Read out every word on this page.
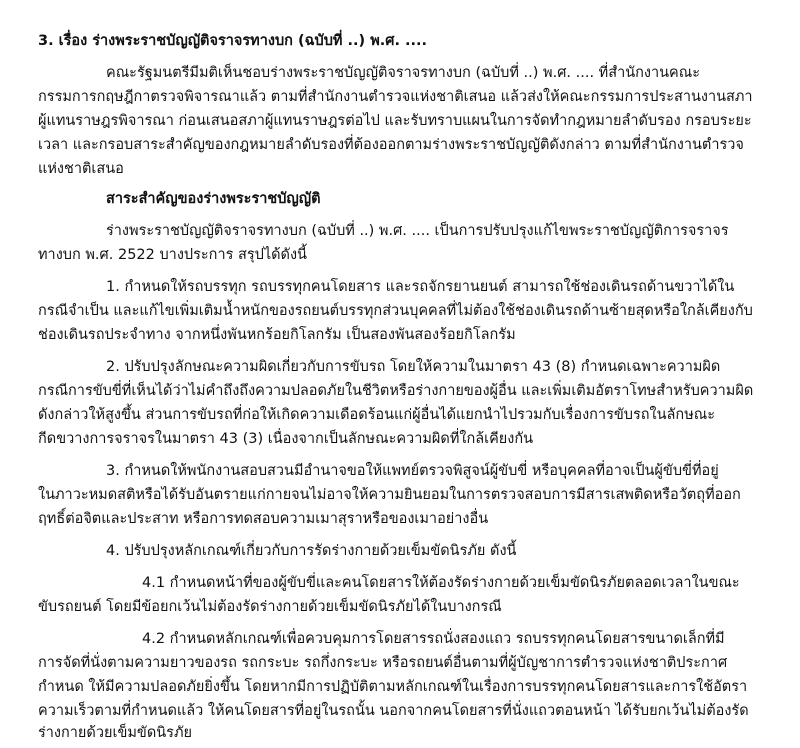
3. เรื่อง ร่างพระราชบัญญัติจราจรทางบก (ฉบับที่ ..) พ.ศ. ....
คณะรัฐมนตรีมีมติเห็นชอบร่างพระราชบัญญัติจราจรทางบก (ฉบับที่ ..) พ.ศ. .... ที่สำนักงานคณะ
กรรมการกฤษฎีกาตรวจพิจารณาแล้ว ตามที่สำนักงานตำรวจแห่งชาติเสนอ แล้วส่งให้คณะกรรมการประสานงานสภา
ผู้แทนราษฎรพิจารณา ก่อนเสนอสภาผู้แทนราษฎรต่อไป และรับทราบแผนในการจัดทำกฎหมายลำดับรอง กรอบระยะ
เวลา และกรอบสาระสำคัญของกฎหมายลำดับรองที่ต้องออกตามร่างพระราชบัญญัติดังกล่าว ตามที่สำนักงานตำรวจ
แห่งชาติเสนอ
สาระสำคัญของร่างพระราชบัญญัติ
ร่างพระราชบัญญัติจราจรทางบก (ฉบับที่ ..) พ.ศ. .... เป็นการปรับปรุงแก้ไขพระราชบัญญัติการจราจร
ทางบก พ.ศ. 2522 บางประการ สรุปได้ดังนี้
1. กำหนดให้รถบรรทุก รถบรรทุกคนโดยสาร และรถจักรยานยนต์ สามารถใช้ช่องเดินรถด้านขวาได้ใน
กรณีจำเป็น และแก้ไขเพิ่มเติมน้ำหนักของรถยนต์บรรทุกส่วนบุคคลที่ไม่ต้องใช้ช่องเดินรถด้านซ้ายสุดหรือใกล้เคียงกับ
ช่องเดินรถประจำทาง จากหนึ่งพันหกร้อยกิโลกรัม เป็นสองพันสองร้อยกิโลกรัม
2. ปรับปรุงลักษณะความผิดเกี่ยวกับการขับรถ โดยให้ความในมาตรา 43 (8) กำหนดเฉพาะความผิด
กรณีการขับขี่ที่เห็นได้ว่าไม่คำถึงถึงความปลอดภัยในชีวิตหรือร่างกายของผู้อื่น และเพิ่มเติมอัตราโทษสำหรับความผิด
ดังกล่าวให้สูงขึ้น ส่วนการขับรถที่ก่อให้เกิดความเดือดร้อนแก่ผู้อื่นได้แยกนำไปรวมกับเรื่องการขับรถในลักษณะ
กีดขวางการจราจรในมาตรา 43 (3) เนื่องจากเป็นลักษณะความผิดที่ใกล้เคียงกัน
3. กำหนดให้พนักงานสอบสวนมีอำนาจขอให้แพทย์ตรวจพิสูจน์ผู้ขับขี่ หรือบุคคลที่อาจเป็นผู้ขับขี่ที่อยู่
ในภาวะหมดสติหรือได้รับอันตรายแก่กายจนไม่อาจให้ความยินยอมในการตรวจสอบการมีสารเสพติดหรือวัตถุที่ออก
ฤทธิ์ต่อจิตและประสาท หรือการทดสอบความเมาสุราหรือของเมาอย่างอื่น
4. ปรับปรุงหลักเกณฑ์เกี่ยวกับการรัดร่างกายด้วยเข็มขัดนิรภัย ดังนี้
4.1 กำหนดหน้าที่ของผู้ขับขี่และคนโดยสารให้ต้องรัดร่างกายด้วยเข็มขัดนิรภัยตลอดเวลาในขณะ
ขับรถยนต์ โดยมีข้อยกเว้นไม่ต้องรัดร่างกายด้วยเข็มขัดนิรภัยได้ในบางกรณี
4.2 กำหนดหลักเกณฑ์เพื่อควบคุมการโดยสารรถนั่งสองแถว รถบรรทุกคนโดยสารขนาดเล็กที่มี
การจัดที่นั่งตามความยาวของรถ รถกระบะ รถกึ่งกระบะ หรือรถยนต์อื่นตามที่ผู้บัญชาการตำรวจแห่งชาติประกาศ
กำหนด ให้มีความปลอดภัยยิ่งขึ้น โดยหากมีการปฏิบัติตามหลักเกณฑ์ในเรื่องการบรรทุกคนโดยสารและการใช้อัตรา
ความเร็วตามที่กำหนดแล้ว ให้คนโดยสารที่อยู่ในรถนั้น นอกจากคนโดยสารที่นั่งแถวตอนหน้า ได้รับยกเว้นไม่ต้องรัด
ร่างกายด้วยเข็มขัดนิรภัย
